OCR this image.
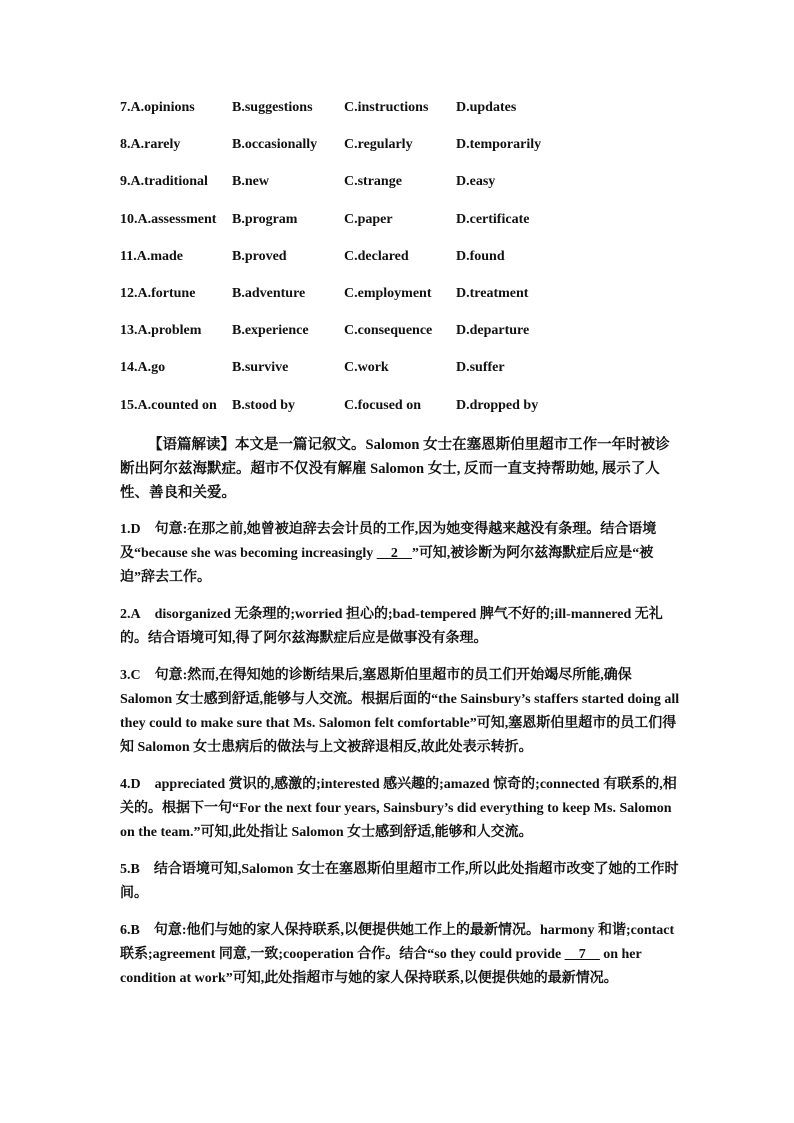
7.A.opinions	B.suggestions	C.instructions	D.updates
8.A.rarely	B.occasionally	C.regularly	D.temporarily
9.A.traditional	B.new	C.strange	D.easy
10.A.assessment	B.program	C.paper	D.certificate
11.A.made	B.proved	C.declared	D.found
12.A.fortune	B.adventure	C.employment	D.treatment
13.A.problem	B.experience	C.consequence	D.departure
14.A.go	B.survive	C.work	D.suffer
15.A.counted on	B.stood by	C.focused on	D.dropped by
【语篇解读】本文是一篇记叙文。Salomon 女士在塞恩斯伯里超市工作一年时被诊断出阿尔兹海默症。超市不仅没有解雇 Salomon 女士, 反而一直支持帮助她, 展示了人性、善良和关爱。
1.D 句意:在那之前,她曾被迫辞去会计员的工作,因为她变得越来越没有条理。结合语境及“because she was becoming increasingly __2__”可知,被诊断为阿尔兹海默症后应是“被迫”辞去工作。
2.A disorganized 无条理的;worried 担心的;bad-tempered 脾气不好的;ill-mannered 无礼的。结合语境可知,得了阿尔兹海默症后应是做事没有条理。
3.C 句意:然而,在得知她的诊断结果后,塞恩斯伯里超市的员工们开始竭尽所能,确保 Salomon 女士感到舒适,能够与人交流。根据后面的“the Sainsbury’s staffers started doing all they could to make sure that Ms. Salomon felt comfortable”可知,塞恩斯伯里超市的员工们得知 Salomon 女士患病后的做法与上文被辞退相反,故此处表示转折。
4.D appreciated 赏识的,感激的;interested 感兴趣的;amazed 惊奇的;connected 有联系的,相关的。根据下一句“For the next four years, Sainsbury’s did everything to keep Ms. Salomon on the team.”可知,此处指让 Salomon 女士感到舒适,能够和人交流。
5.B 结合语境可知,Salomon 女士在塞恩斯伯里超市工作,所以此处指超市改变了她的工作时间。
6.B 句意:他们与她的家人保持联系,以便提供她工作上的最新情况。harmony 和谐;contact 联系;agreement 同意,一致;cooperation 合作。结合“so they could provide __7__ on her condition at work”可知,此处指超市与她的家人保持联系,以便提供她的最新情况。
